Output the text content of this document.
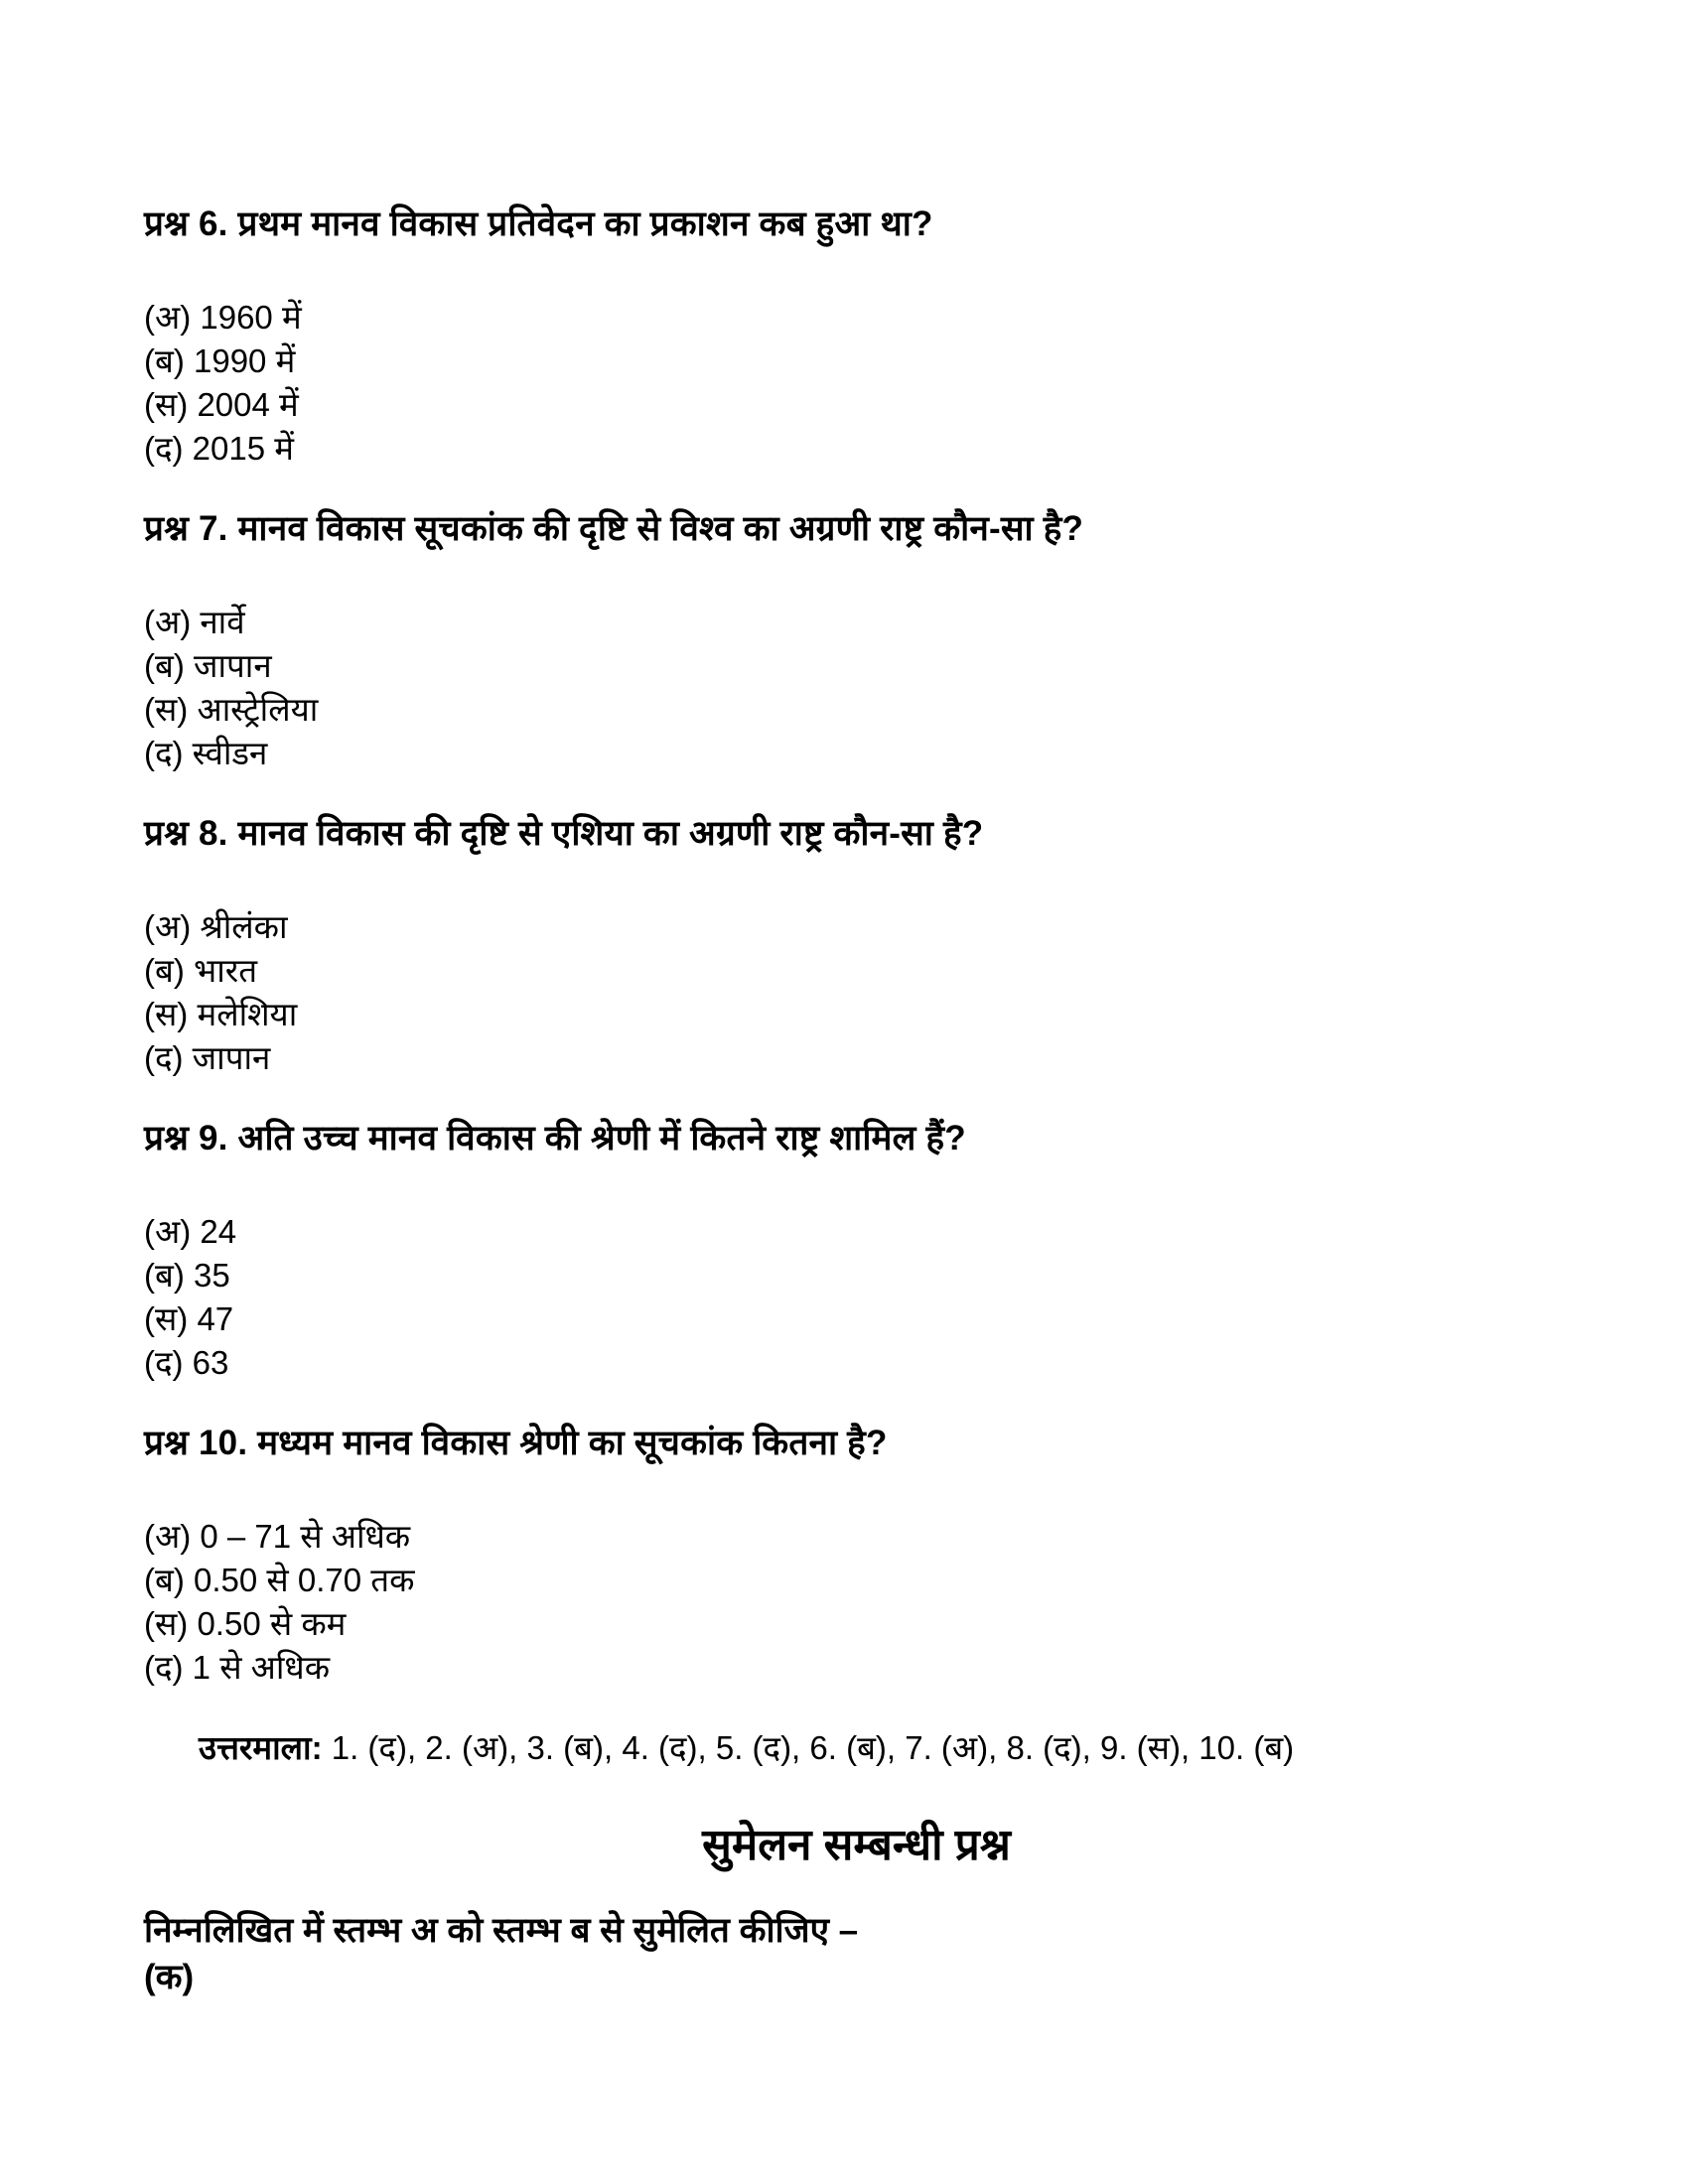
प्रश्न 6. प्रथम मानव विकास प्रतिवेदन का प्रकाशन कब हुआ था?
(अ) 1960 में
(ब) 1990 में
(स) 2004 में
(द) 2015 में
प्रश्न 7. मानव विकास सूचकांक की दृष्टि से विश्व का अग्रणी राष्ट्र कौन-सा है?
(अ) नार्वे
(ब) जापान
(स) आस्ट्रेलिया
(द) स्वीडन
प्रश्न 8. मानव विकास की दृष्टि से एशिया का अग्रणी राष्ट्र कौन-सा है?
(अ) श्रीलंका
(ब) भारत
(स) मलेशिया
(द) जापान
प्रश्न 9. अति उच्च मानव विकास की श्रेणी में कितने राष्ट्र शामिल हैं?
(अ) 24
(ब) 35
(स) 47
(द) 63
प्रश्न 10. मध्यम मानव विकास श्रेणी का सूचकांक कितना है?
(अ) 0 – 71 से अधिक
(ब) 0.50 से 0.70 तक
(स) 0.50 से कम
(द) 1 से अधिक
उत्तरमाला: 1. (द), 2. (अ), 3. (ब), 4. (द), 5. (द), 6. (ब), 7. (अ), 8. (द), 9. (स), 10. (ब)
सुमेलन सम्बन्धी प्रश्न
निम्नलिखित में स्तम्भ अ को स्तम्भ ब से सुमेलित कीजिए –
(क)
